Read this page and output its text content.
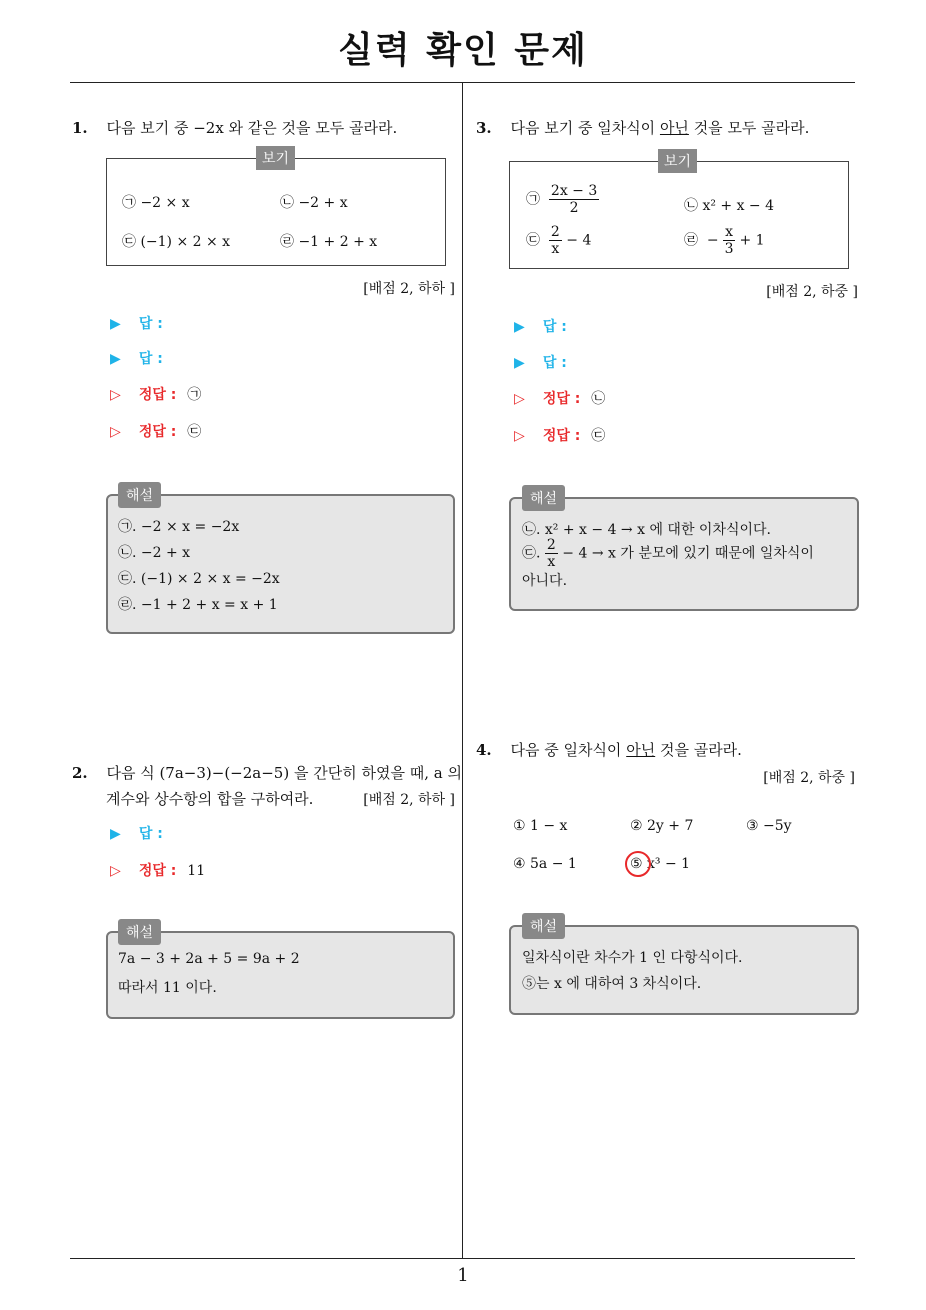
실력 확인 문제
1
1. 다음 보기 중 −2x 와 같은 것을 모두 골라라.
보기
㉠ −2 × x	㉡ −2 + x
㉢ (−1) × 2 × x	㉣ −1 + 2 + x
[배점 2, 하하 ]
▶ 답 :
▶ 답 :
▷ 정답 : ㉠
▷ 정답 : ㉢
해설
㉠. −2 × x = −2x
㉡. −2 + x
㉢. (−1) × 2 × x = −2x
㉣. −1 + 2 + x = x + 1
2. 다음 식 (7a−3)−(−2a−5) 을 간단히 하였을 때, a 의
계수와 상수항의 합을 구하여라.	[배점 2, 하하 ]
▶ 답 :
▷ 정답 : 11
해설
7a − 3 + 2a + 5 = 9a + 2
따라서 11 이다.
3. 다음 보기 중 일차식이 아닌 것을 모두 골라라.
보기
㉠ $\frac{2x - 3}{2}$	㉡ x² + x − 4
㉢ $\frac{2}{x} - 4$	㉣ − $\frac{x}{3} + 1$
[배점 2, 하중 ]
▶ 답 :
▶ 답 :
▷ 정답 : ㉡
▷ 정답 : ㉢
해설
㉡. x² + x − 4 → x 에 대한 이차식이다.
㉢. $\frac{2}{x} - 4 \to x$ 가 분모에 있기 때문에 일차식이
아니다.
4. 다음 중 일차식이 아닌 것을 골라라.
[배점 2, 하중 ]
① 1 − x	② 2y + 7	③ −5y
④ 5a − 1	⑤ x³ − 1
해설
일차식이란 차수가 1 인 다항식이다.
⑤는 x 에 대하여 3 차식이다.
